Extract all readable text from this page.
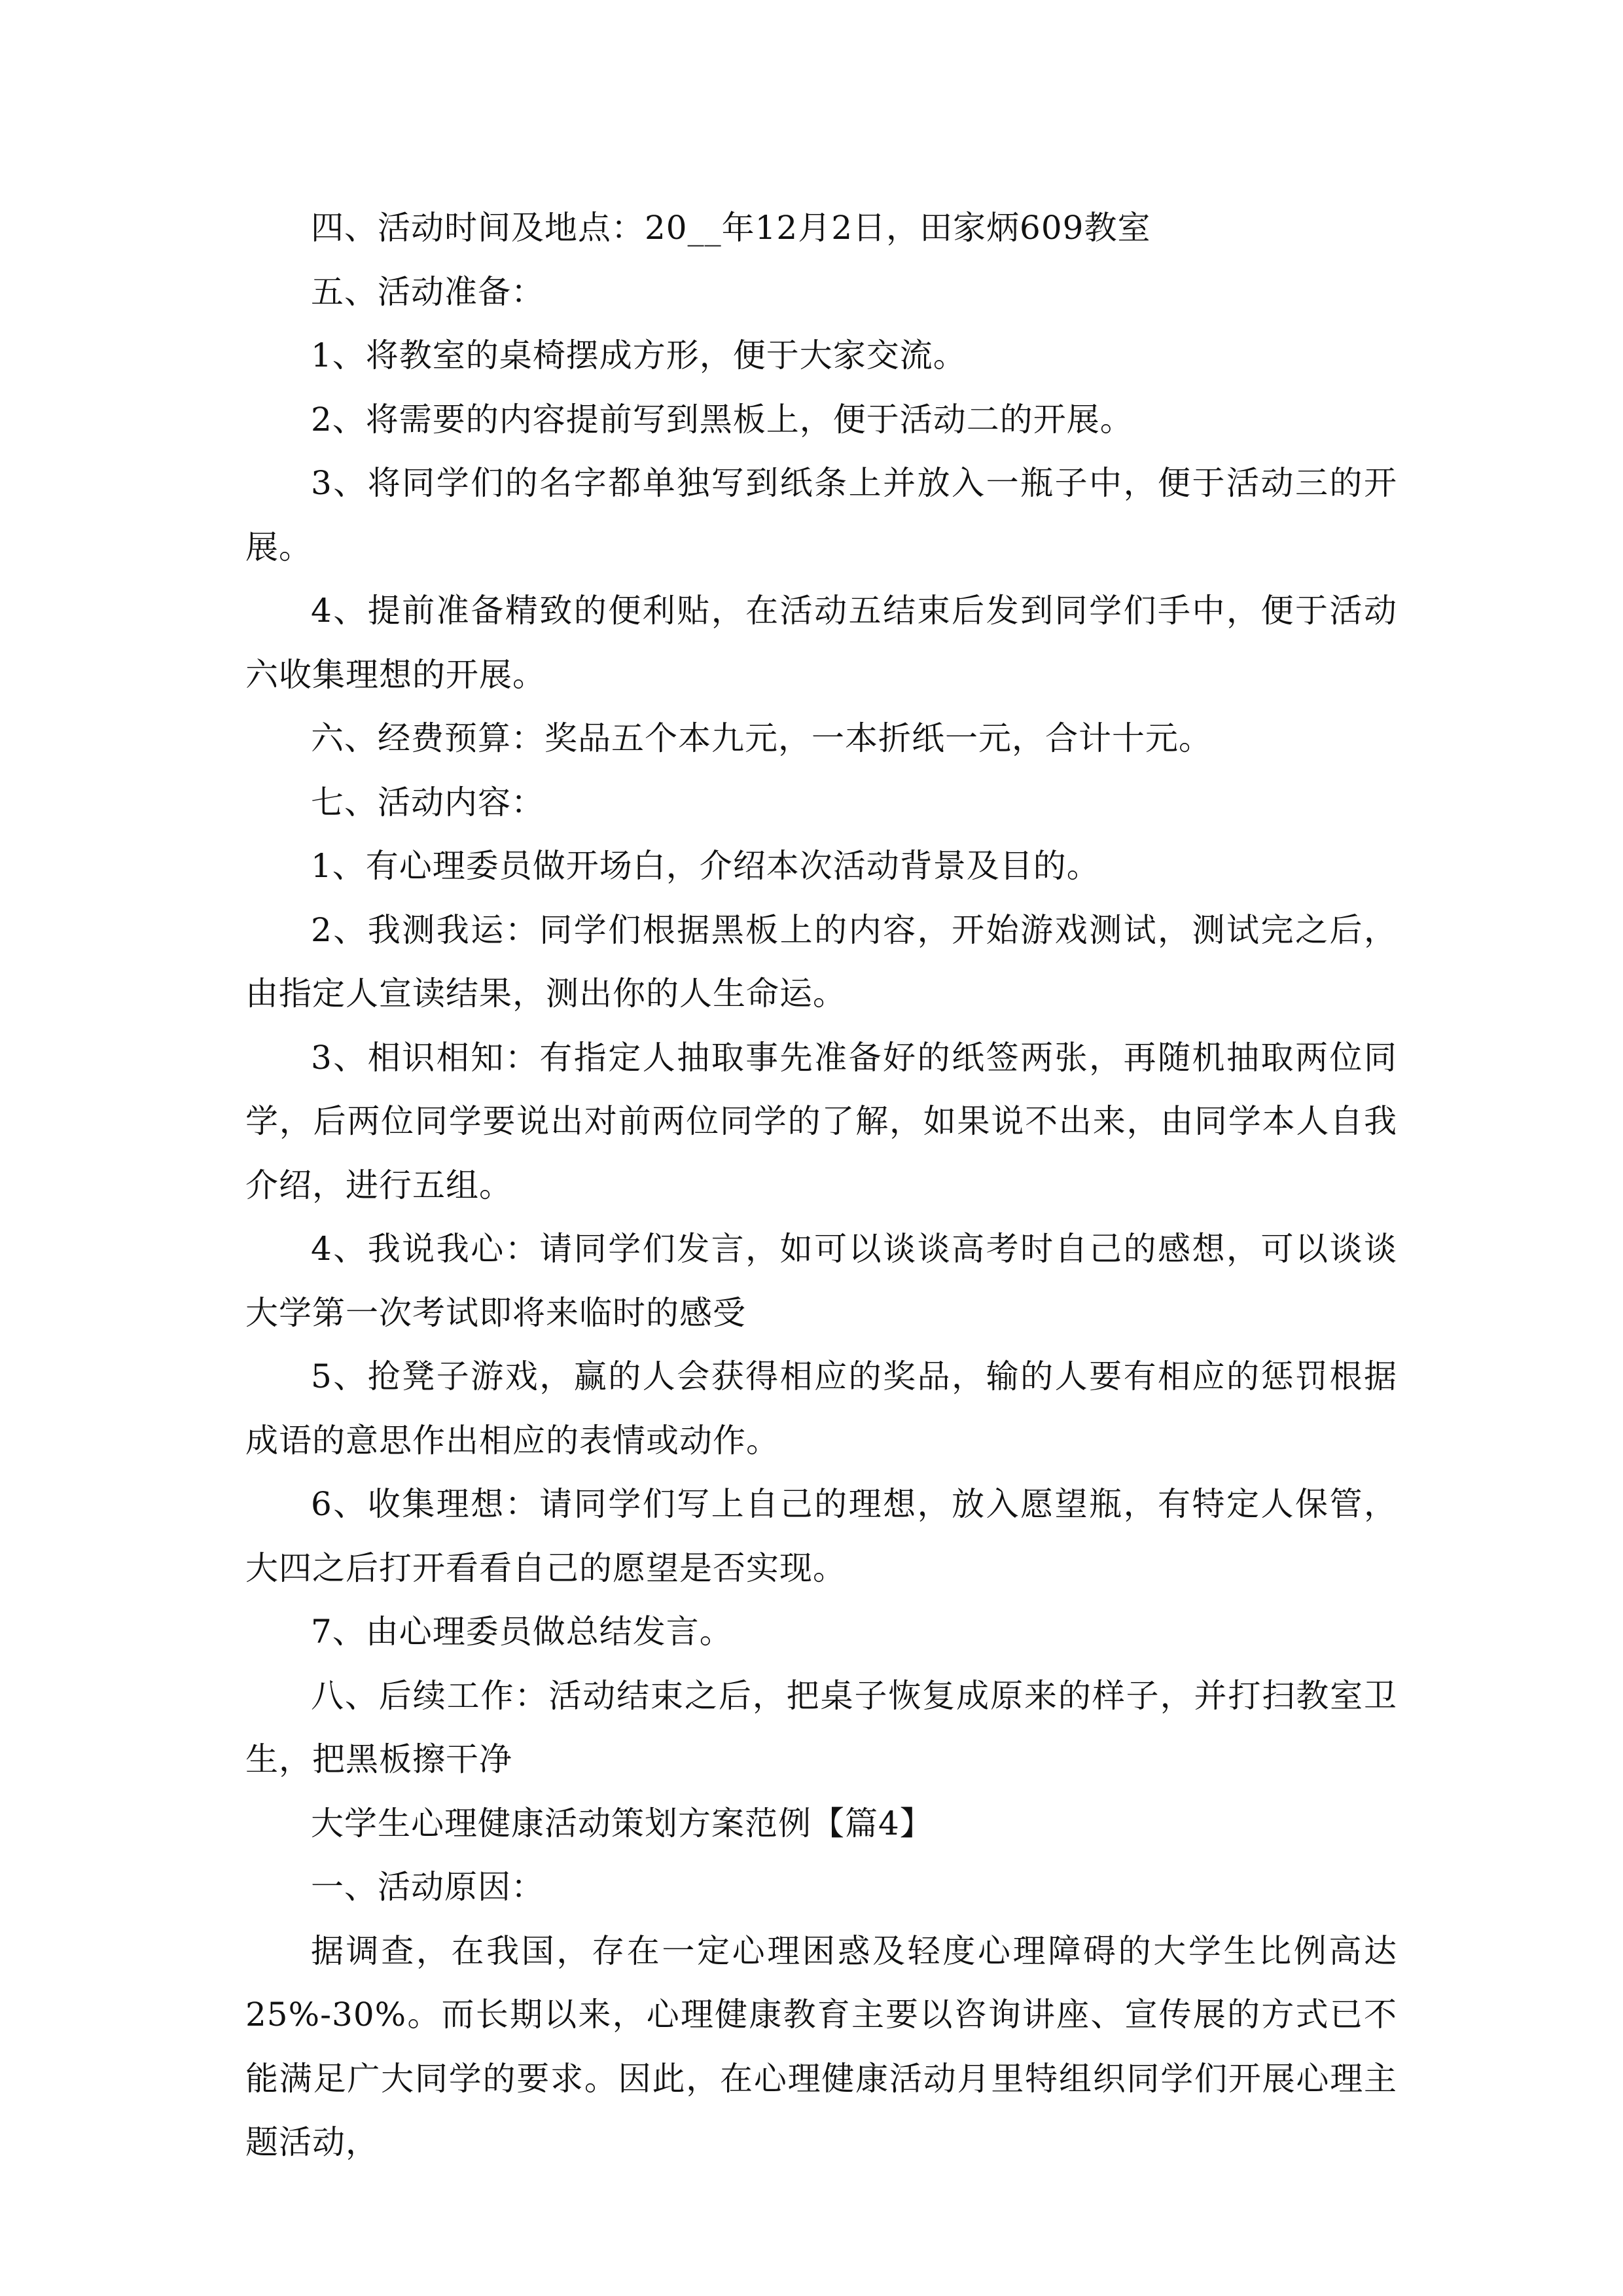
四、活动时间及地点：20__年12月2日，田家炳609教室

五、活动准备：

1、将教室的桌椅摆成方形，便于大家交流。

2、将需要的内容提前写到黑板上，便于活动二的开展。

3、将同学们的名字都单独写到纸条上并放入一瓶子中，便于活动三的开展。

4、提前准备精致的便利贴，在活动五结束后发到同学们手中，便于活动六收集理想的开展。

六、经费预算：奖品五个本九元，一本折纸一元，合计十元。

七、活动内容：

1、有心理委员做开场白，介绍本次活动背景及目的。

2、我测我运：同学们根据黑板上的内容，开始游戏测试，测试完之后，由指定人宣读结果，测出你的人生命运。

3、相识相知：有指定人抽取事先准备好的纸签两张，再随机抽取两位同学，后两位同学要说出对前两位同学的了解，如果说不出来，由同学本人自我介绍，进行五组。

4、我说我心：请同学们发言，如可以谈谈高考时自己的感想，可以谈谈大学第一次考试即将来临时的感受

5、抢凳子游戏，赢的人会获得相应的奖品，输的人要有相应的惩罚根据成语的意思作出相应的表情或动作。

6、收集理想：请同学们写上自己的理想，放入愿望瓶，有特定人保管，大四之后打开看看自己的愿望是否实现。

7、由心理委员做总结发言。

八、后续工作：活动结束之后，把桌子恢复成原来的样子，并打扫教室卫生，把黑板擦干净

大学生心理健康活动策划方案范例【篇4】

一、活动原因：

据调查，在我国，存在一定心理困惑及轻度心理障碍的大学生比例高达25%-30%。而长期以来，心理健康教育主要以咨询讲座、宣传展的方式已不能满足广大同学的要求。因此，在心理健康活动月里特组织同学们开展心理主题活动，
